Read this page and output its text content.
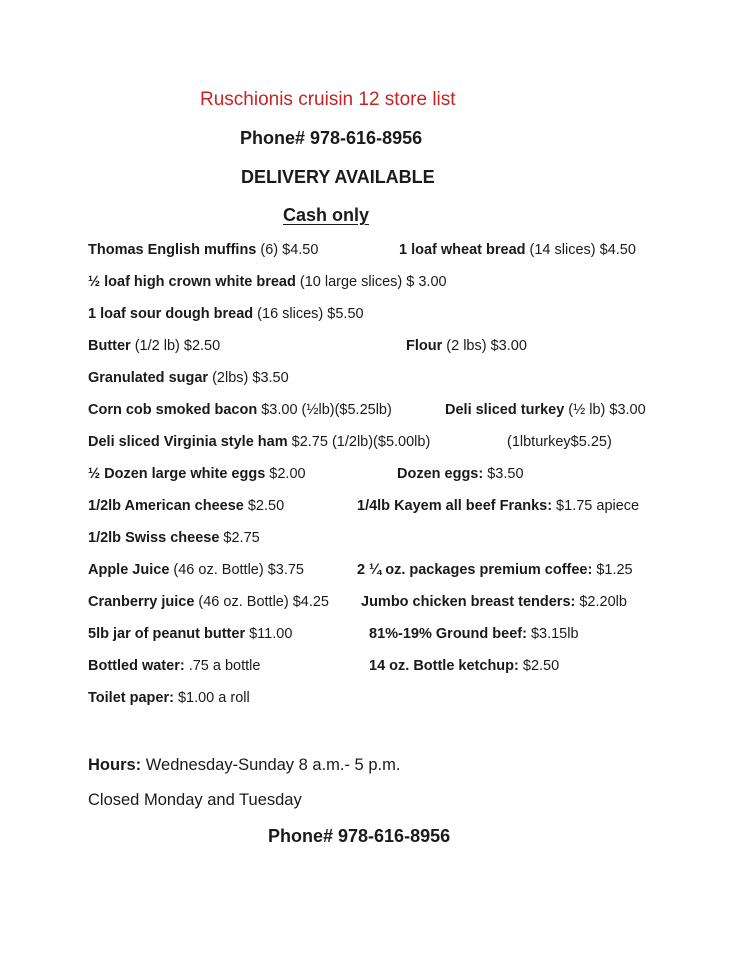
Ruschionis cruisin 12 store list
Phone# 978-616-8956
DELIVERY AVAILABLE
Cash only
Thomas English muffins (6) $4.50	1 loaf wheat bread (14 slices) $4.50
½ loaf high crown white bread (10 large slices) $ 3.00
1 loaf sour dough bread (16 slices) $5.50
Butter (1/2 lb) $2.50	Flour (2 lbs) $3.00
Granulated sugar (2lbs) $3.50
Corn cob smoked bacon $3.00 (½lb)($5.25lb)	Deli sliced turkey (½ lb) $3.00
Deli sliced Virginia style ham $2.75 (1/2lb)($5.00lb)	(1lbturkey$5.25)
½ Dozen large white eggs $2.00	Dozen eggs: $3.50
1/2lb American cheese $2.50	1/4lb Kayem all beef Franks: $1.75 apiece
1/2lb Swiss cheese $2.75
Apple Juice (46 oz. Bottle) $3.75	2 ¼ oz. packages premium coffee: $1.25
Cranberry juice (46 oz. Bottle) $4.25 Jumbo chicken breast tenders: $2.20lb
5lb jar of peanut butter $11.00	81%-19% Ground beef: $3.15lb
Bottled water: .75 a bottle	14 oz. Bottle ketchup: $2.50
Toilet paper: $1.00 a roll
Hours: Wednesday-Sunday 8 a.m.- 5 p.m.
Closed Monday and Tuesday
Phone# 978-616-8956
